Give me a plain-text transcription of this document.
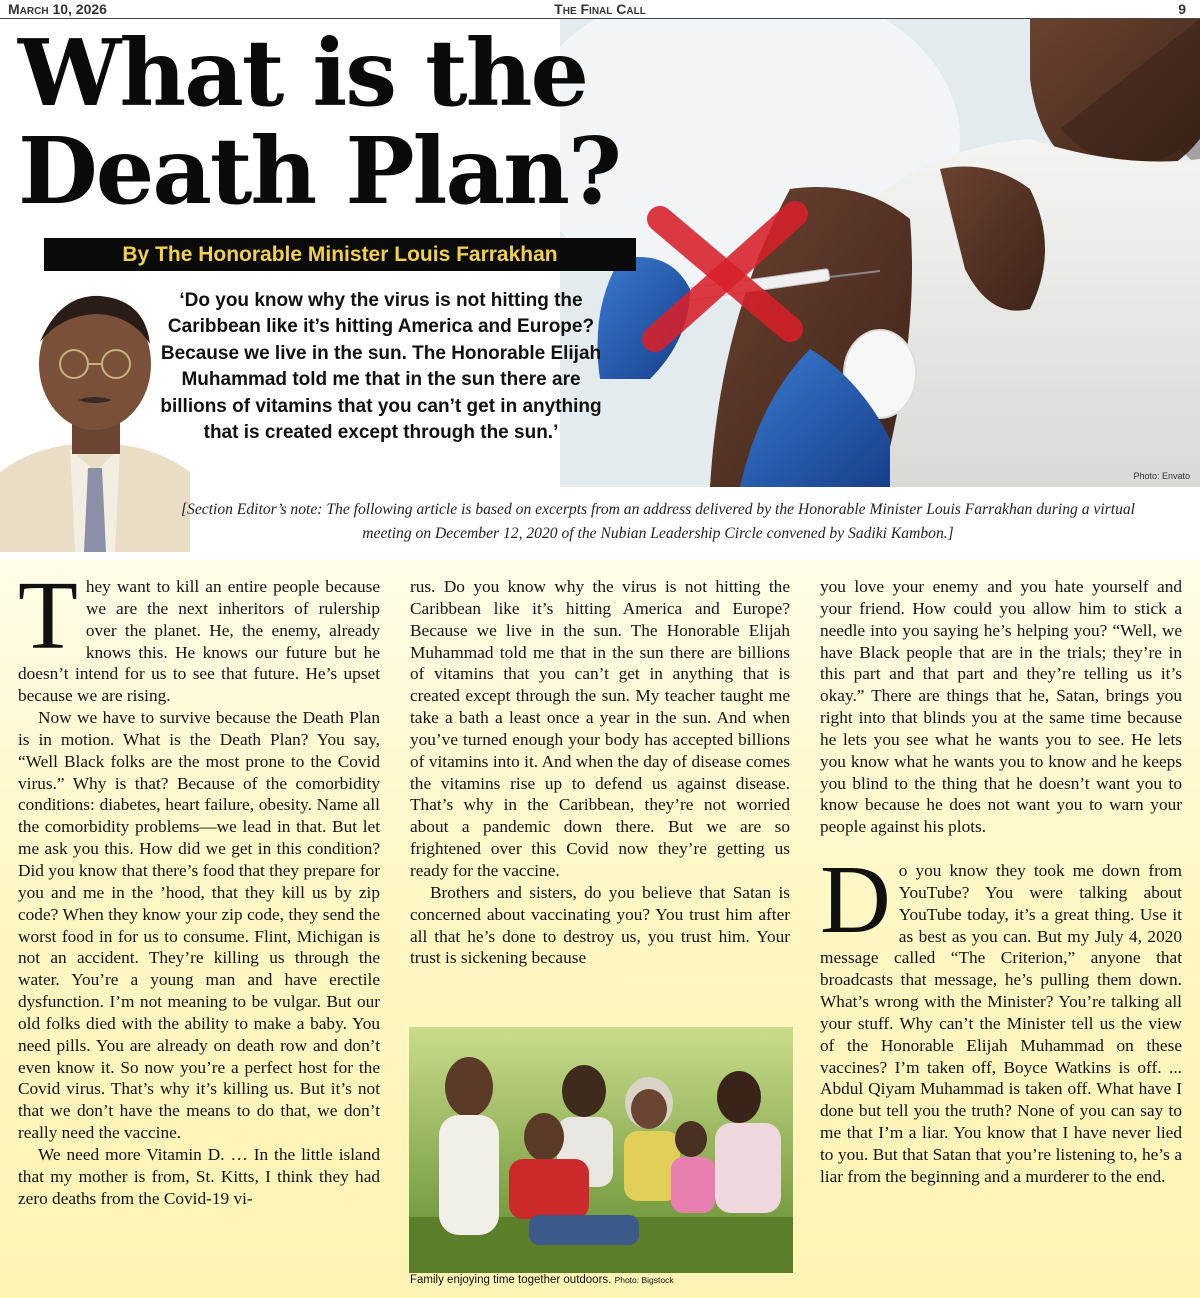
March 10, 2026	The Final Call	9
Photo: Envato
What is the
Death Plan?
By The Honorable Minister Louis Farrakhan
‘Do you know why the virus is not hitting the Caribbean like it’s hitting America and Europe? Because we live in the sun. The Honorable Elijah Muhammad told me that in the sun there are billions of vitamins that you can’t get in anything that is created except through the sun.’
[Section Editor’s note: The following article is based on excerpts from an address delivered by the Honorable Minister Louis Farrakhan during a virtual meeting on December 12, 2020 of the Nubian Leadership Circle convened by Sadiki Kambon.]

They want to kill an entire people because we are the next inheritors of rulership over the planet. He, the enemy, already knows this. He knows our future but he doesn’t intend for us to see that future. He’s upset because we are rising.

Now we have to survive because the Death Plan is in motion. What is the Death Plan? You say, “Well Black folks are the most prone to the Covid virus.” Why is that? Because of the comorbidity conditions: diabetes, heart failure, obesity. Name all the comorbidity problems—we lead in that. But let me ask you this. How did we get in this condition? Did you know that there’s food that they prepare for you and me in the ’hood, that they kill us by zip code? When they know your zip code, they send the worst food in for us to consume. Flint, Michigan is not an accident. They’re killing us through the water. You’re a young man and have erectile dysfunction. I’m not meaning to be vulgar. But our old folks died with the ability to make a baby. You need pills. You are already on death row and don’t even know it. So now you’re a perfect host for the Covid virus. That’s why it’s killing us. But it’s not that we don’t have the means to do that, we don’t really need the vaccine.

We need more Vitamin D. … In the little island that my mother is from, St. Kitts, I think they had zero deaths from the Covid-19 vi-

rus. Do you know why the virus is not hitting the Caribbean like it’s hitting America and Europe? Because we live in the sun. The Honorable Elijah Muhammad told me that in the sun there are billions of vitamins that you can’t get in anything that is created except through the sun. My teacher taught me take a bath a least once a year in the sun. And when you’ve turned enough your body has accepted billions of vitamins into it. And when the day of disease comes the vitamins rise up to defend us against disease. That’s why in the Caribbean, they’re not worried about a pandemic down there. But we are so frightened over this Covid now they’re getting us ready for the vaccine.

Brothers and sisters, do you believe that Satan is concerned about vaccinating you? You trust him after all that he’s done to destroy us, you trust him. Your trust is sickening because

Family enjoying time together outdoors. Photo: Bigstock

you love your enemy and you hate yourself and your friend. How could you allow him to stick a needle into you saying he’s helping you? “Well, we have Black people that are in the trials; they’re in this part and that part and they’re telling us it’s okay.” There are things that he, Satan, brings you right into that blinds you at the same time because he lets you see what he wants you to see. He lets you know what he wants you to know and he keeps you blind to the thing that he doesn’t want you to know because he does not want you to warn your people against his plots.

Do you know they took me down from YouTube? You were talking about YouTube today, it’s a great thing. Use it as best as you can. But my July 4, 2020 message called “The Criterion,” anyone that broadcasts that message, he’s pulling them down. What’s wrong with the Minister? You’re talking all your stuff. Why can’t the Minister tell us the view of the Honorable Elijah Muhammad on these vaccines? I’m taken off, Boyce Watkins is off. ... Abdul Qiyam Muhammad is taken off. What have I done but tell you the truth? None of you can say to me that I’m a liar. You know that I have never lied to you. But that Satan that you’re listening to, he’s a liar from the beginning and a murderer to the end.
